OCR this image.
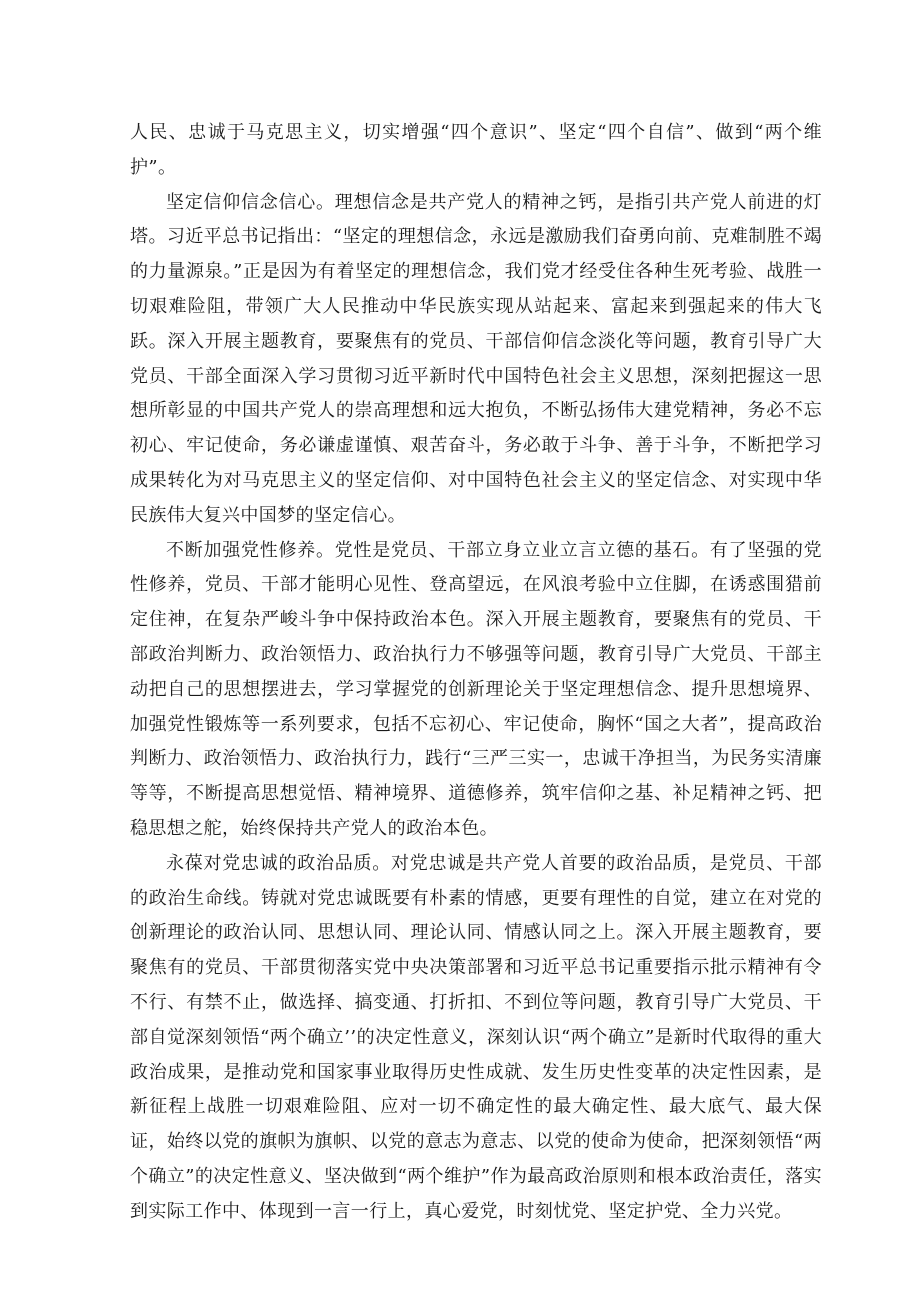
人民、忠诚于马克思主义，切实增强“四个意识”、坚定“四个自信”、做到“两个维护”。

坚定信仰信念信心。理想信念是共产党人的精神之钙，是指引共产党人前进的灯塔。习近平总书记指出：“坚定的理想信念，永远是激励我们奋勇向前、克难制胜不竭的力量源泉。”正是因为有着坚定的理想信念，我们党才经受住各种生死考验、战胜一切艰难险阻，带领广大人民推动中华民族实现从站起来、富起来到强起来的伟大飞跃。深入开展主题教育，要聚焦有的党员、干部信仰信念淡化等问题，教育引导广大党员、干部全面深入学习贯彻习近平新时代中国特色社会主义思想，深刻把握这一思想所彰显的中国共产党人的崇高理想和远大抱负，不断弘扬伟大建党精神，务必不忘初心、牢记使命，务必谦虚谨慎、艰苦奋斗，务必敢于斗争、善于斗争，不断把学习成果转化为对马克思主义的坚定信仰、对中国特色社会主义的坚定信念、对实现中华民族伟大复兴中国梦的坚定信心。

不断加强党性修养。党性是党员、干部立身立业立言立德的基石。有了坚强的党性修养，党员、干部才能明心见性、登高望远，在风浪考验中立住脚，在诱惑围猎前定住神，在复杂严峻斗争中保持政治本色。深入开展主题教育，要聚焦有的党员、干部政治判断力、政治领悟力、政治执行力不够强等问题，教育引导广大党员、干部主动把自己的思想摆进去，学习掌握党的创新理论关于坚定理想信念、提升思想境界、加强党性锻炼等一系列要求，包括不忘初心、牢记使命，胸怀“国之大者”，提高政治判断力、政治领悟力、政治执行力，践行“三严三实一，忠诚干净担当，为民务实清廉等等，不断提高思想觉悟、精神境界、道德修养，筑牢信仰之基、补足精神之钙、把稳思想之舵，始终保持共产党人的政治本色。

永葆对党忠诚的政治品质。对党忠诚是共产党人首要的政治品质，是党员、干部的政治生命线。铸就对党忠诚既要有朴素的情感，更要有理性的自觉，建立在对党的创新理论的政治认同、思想认同、理论认同、情感认同之上。深入开展主题教育，要聚焦有的党员、干部贯彻落实党中央决策部署和习近平总书记重要指示批示精神有令不行、有禁不止，做选择、搞变通、打折扣、不到位等问题，教育引导广大党员、干部自觉深刻领悟“两个确立’’的决定性意义，深刻认识“两个确立”是新时代取得的重大政治成果，是推动党和国家事业取得历史性成就、发生历史性变革的决定性因素，是新征程上战胜一切艰难险阻、应对一切不确定性的最大确定性、最大底气、最大保证，始终以党的旗帜为旗帜、以党的意志为意志、以党的使命为使命，把深刻领悟“两个确立”的决定性意义、坚决做到“两个维护”作为最高政治原则和根本政治责任，落实到实际工作中、体现到一言一行上，真心爱党，时刻忧党、坚定护党、全力兴党。
